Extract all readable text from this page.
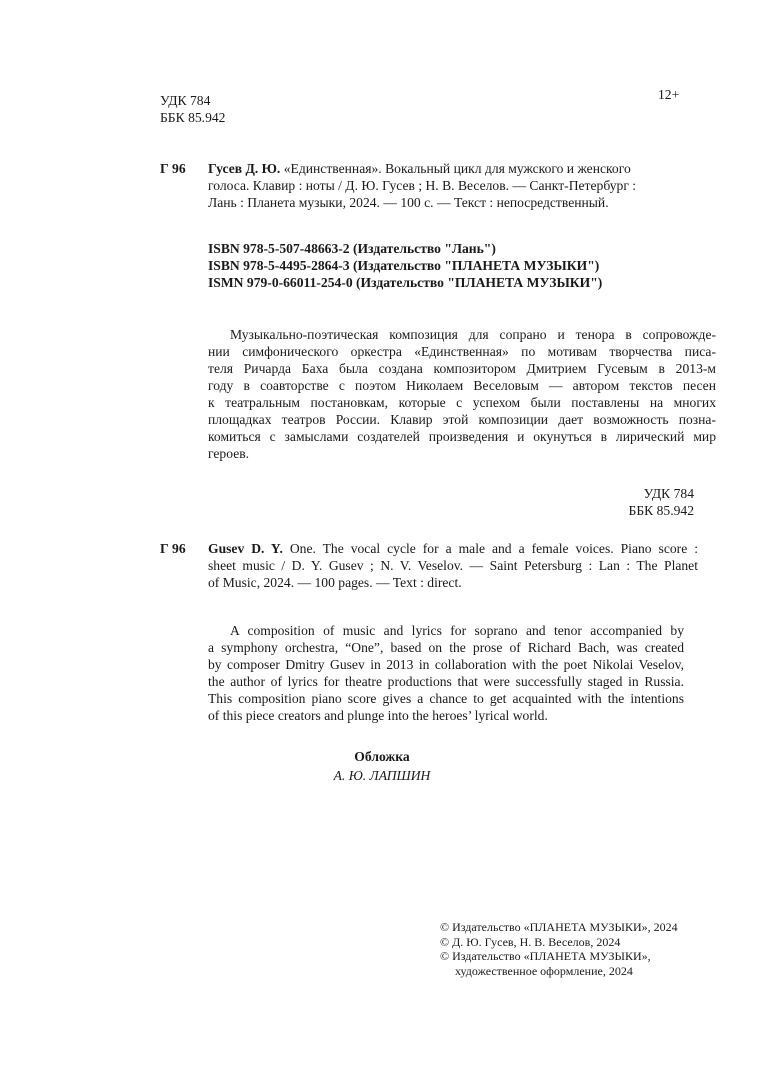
УДК 784
ББК 85.942
12+
Г 96 Гусев Д. Ю. «Единственная». Вокальный цикл для мужского и женского
голоса. Клавир : ноты / Д. Ю. Гусев ; Н. В. Веселов. — Санкт-Петербург :
Лань : Планета музыки, 2024. — 100 с. — Текст : непосредственный.
ISBN 978-5-507-48663-2 (Издательство "Лань")
ISBN 978-5-4495-2864-3 (Издательство "ПЛАНЕТА МУЗЫКИ")
ISMN 979-0-66011-254-0 (Издательство "ПЛАНЕТА МУЗЫКИ")
Музыкально-поэтическая композиция для сопрано и тенора в сопровожде-
нии симфонического оркестра «Единственная» по мотивам творчества писа-
теля Ричарда Баха была создана композитором Дмитрием Гусевым в 2013-м
году в соавторстве с поэтом Николаем Веселовым — автором текстов песен
к театральным постановкам, которые с успехом были поставлены на многих
площадках театров России. Клавир этой композиции дает возможность позна-
комиться с замыслами создателей произведения и окунуться в лирический мир
героев.
УДК 784
ББК 85.942
Г 96 Gusev D. Y. One. The vocal cycle for a male and a female voices. Piano score :
sheet music / D. Y. Gusev ; N. V. Veselov. — Saint Petersburg : Lan : The Planet
of Music, 2024. — 100 pages. — Text : direct.
A composition of music and lyrics for soprano and tenor accompanied by
a symphony orchestra, “One”, based on the prose of Richard Bach, was created
by composer Dmitry Gusev in 2013 in collaboration with the poet Nikolai Veselov,
the author of lyrics for theatre productions that were successfully staged in Russia.
This composition piano score gives a chance to get acquainted with the intentions
of this piece creators and plunge into the heroes’ lyrical world.
Обложка
А. Ю. ЛАПШИН
© Издательство «ПЛАНЕТА МУЗЫКИ», 2024
© Д. Ю. Гусев, Н. В. Веселов, 2024
© Издательство «ПЛАНЕТА МУЗЫКИ»,
художественное оформление, 2024
